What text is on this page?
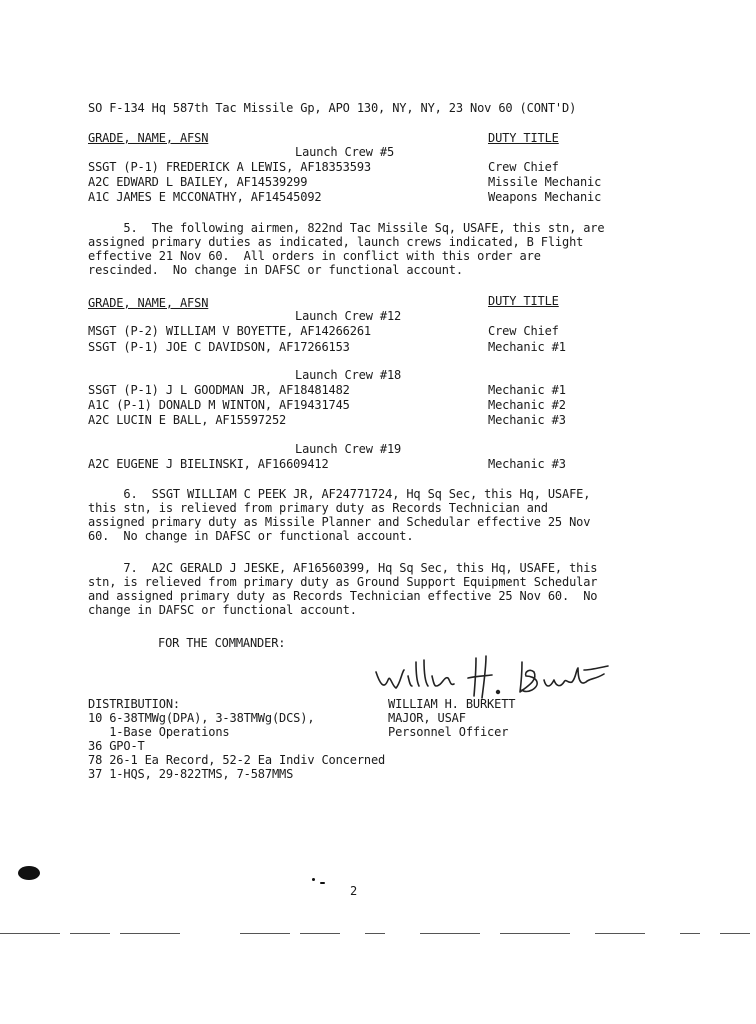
SO F-134 Hq 587th Tac Missile Gp, APO 130, NY, NY, 23 Nov 60 (CONT'D)
GRADE, NAME, AFSN	DUTY TITLE
Launch Crew #5
SSGT (P-1) FREDERICK A LEWIS, AF18353593	Crew Chief
A2C EDWARD L BAILEY, AF14539299	Missile Mechanic
A1C JAMES E MCCONATHY, AF14545092	Weapons Mechanic
5.  The following airmen, 822nd Tac Missile Sq, USAFE, this stn, are
assigned primary duties as indicated, launch crews indicated, B Flight
effective 21 Nov 60.  All orders in conflict with this order are
rescinded.  No change in DAFSC or functional account.
GRADE, NAME, AFSN	DUTY TITLE
Launch Crew #12
MSGT (P-2) WILLIAM V BOYETTE, AF14266261	Crew Chief
SSGT (P-1) JOE C DAVIDSON, AF17266153	Mechanic #1
Launch Crew #18
SSGT (P-1) J L GOODMAN JR, AF18481482	Mechanic #1
A1C (P-1) DONALD M WINTON, AF19431745	Mechanic #2
A2C LUCIN E BALL, AF15597252	Mechanic #3
Launch Crew #19
A2C EUGENE J BIELINSKI, AF16609412	Mechanic #3
6.  SSGT WILLIAM C PEEK JR, AF24771724, Hq Sq Sec, this Hq, USAFE,
this stn, is relieved from primary duty as Records Technician and
assigned primary duty as Missile Planner and Schedular effective 25 Nov
60.  No change in DAFSC or functional account.
7.  A2C GERALD J JESKE, AF16560399, Hq Sq Sec, this Hq, USAFE, this
stn, is relieved from primary duty as Ground Support Equipment Schedular
and assigned primary duty as Records Technician effective 25 Nov 60.  No
change in DAFSC or functional account.
FOR THE COMMANDER:
WILLIAM H. BURKETT
MAJOR, USAF
Personnel Officer
DISTRIBUTION:
10 6-38TMWg(DPA), 3-38TMWg(DCS),
1-Base Operations
36 GPO-T
78 26-1 Ea Record, 52-2 Ea Indiv Concerned
37 1-HQS, 29-822TMS, 7-587MMS
2
